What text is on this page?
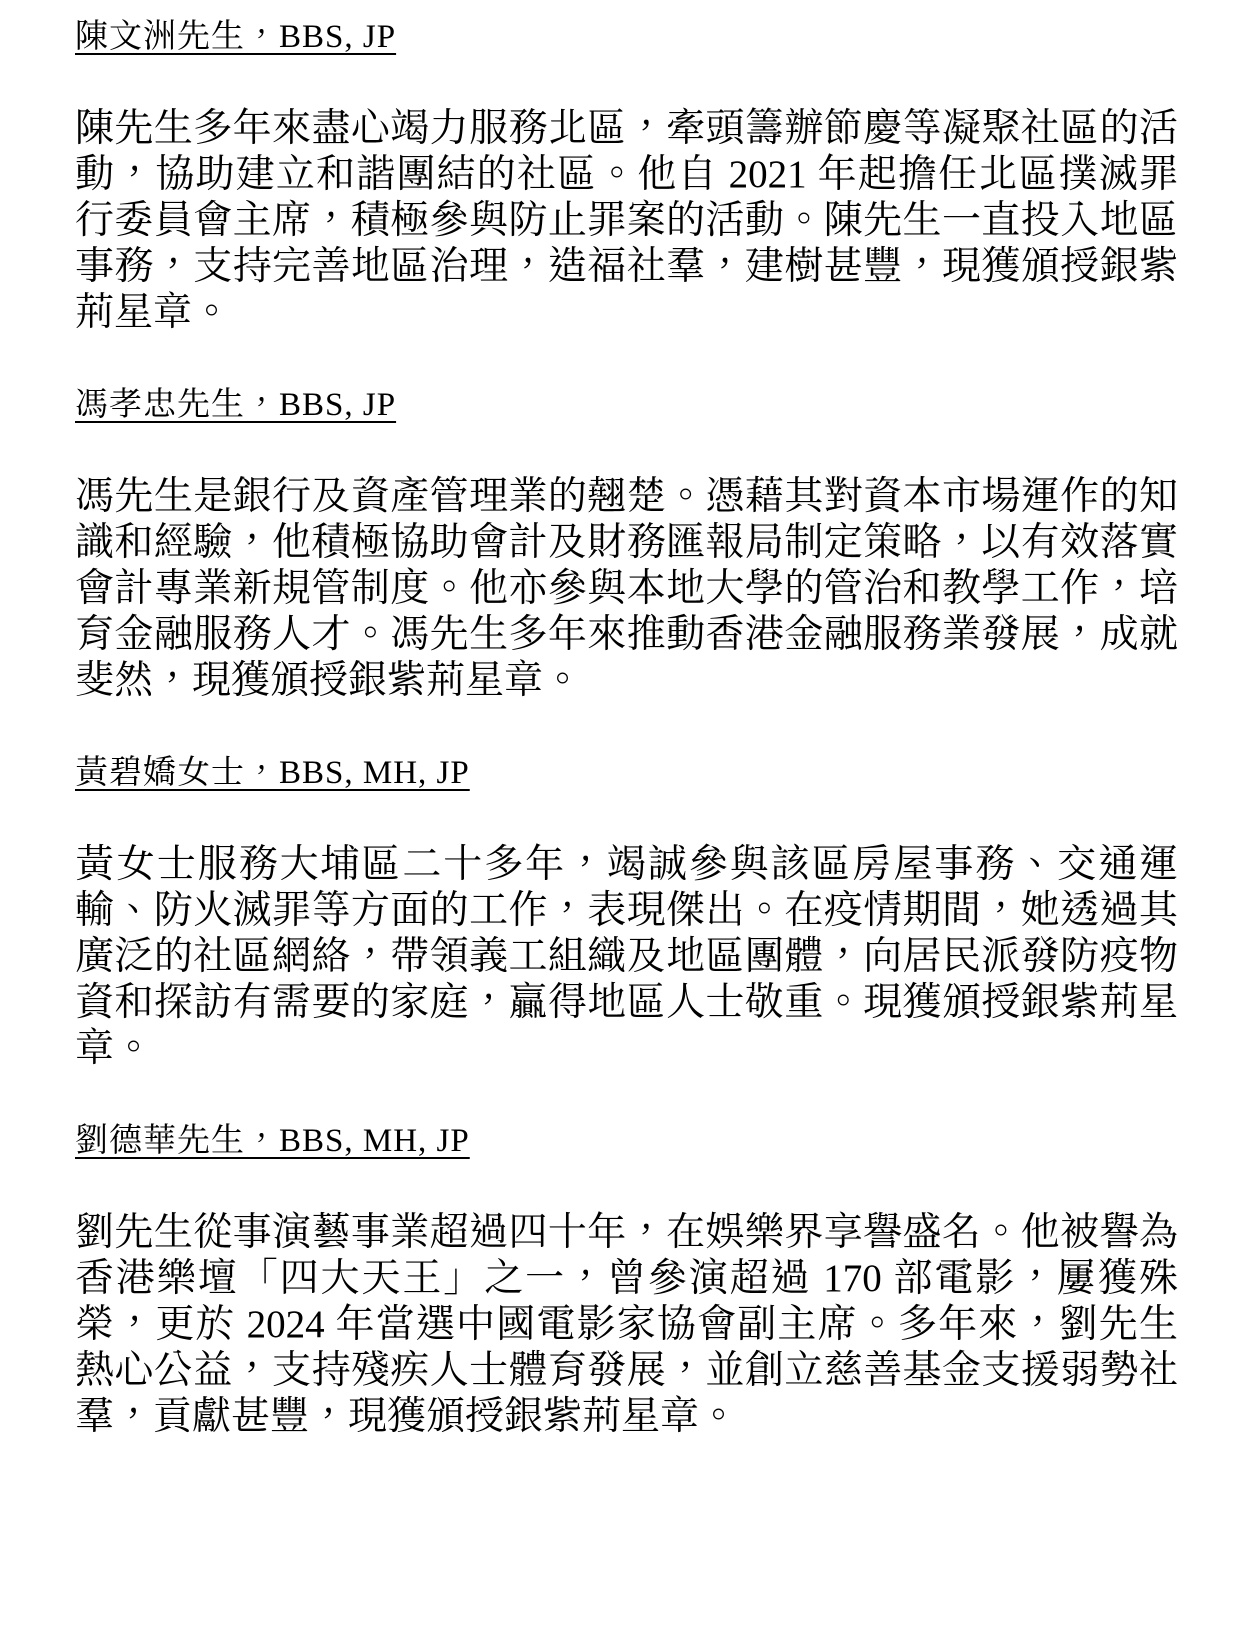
陳文洲先生，BBS, JP

陳先生多年來盡心竭力服務北區，牽頭籌辦節慶等凝聚社區的活動，協助建立和諧團結的社區。他自 2021 年起擔任北區撲滅罪行委員會主席，積極參與防止罪案的活動。陳先生一直投入地區事務，支持完善地區治理，造福社羣，建樹甚豐，現獲頒授銀紫荊星章。

馮孝忠先生，BBS, JP

馮先生是銀行及資產管理業的翹楚。憑藉其對資本市場運作的知識和經驗，他積極協助會計及財務匯報局制定策略，以有效落實會計專業新規管制度。他亦參與本地大學的管治和教學工作，培育金融服務人才。馮先生多年來推動香港金融服務業發展，成就斐然，現獲頒授銀紫荊星章。

黃碧嬌女士，BBS, MH, JP

黃女士服務大埔區二十多年，竭誠參與該區房屋事務、交通運輸、防火滅罪等方面的工作，表現傑出。在疫情期間，她透過其廣泛的社區網絡，帶領義工組織及地區團體，向居民派發防疫物資和探訪有需要的家庭，贏得地區人士敬重。現獲頒授銀紫荊星章。

劉德華先生，BBS, MH, JP

劉先生從事演藝事業超過四十年，在娛樂界享譽盛名。他被譽為香港樂壇「四大天王」之一，曾參演超過 170 部電影，屢獲殊榮，更於 2024 年當選中國電影家協會副主席。多年來，劉先生熱心公益，支持殘疾人士體育發展，並創立慈善基金支援弱勢社羣，貢獻甚豐，現獲頒授銀紫荊星章。
